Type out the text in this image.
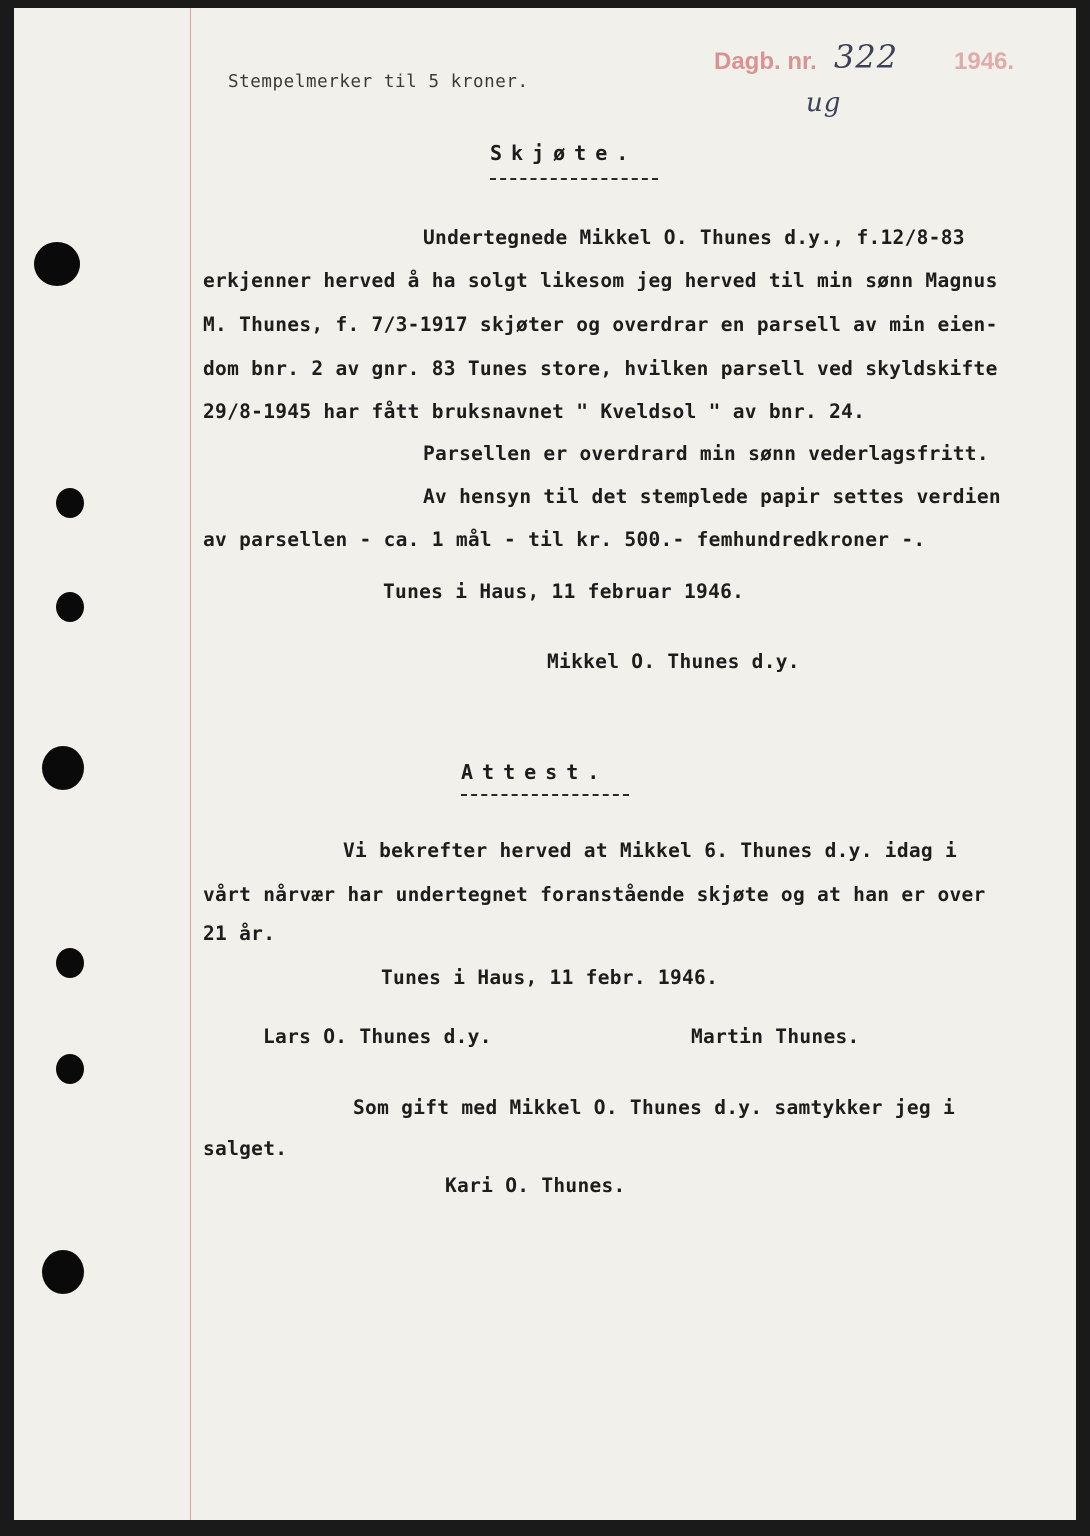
Stempelmerker til 5 kroner.
Dagb. nr. 322 1946.
ug
Skjøte.
Undertegnede Mikkel O. Thunes d.y., f.12/8-83
erkjenner herved å ha solgt likesom jeg herved til min sønn Magnus
M. Thunes, f. 7/3-1917 skjøter og overdrar en parsell av min eien-
dom bnr. 2 av gnr. 83 Tunes store, hvilken parsell ved skyldskifte
29/8-1945 har fått bruksnavnet " Kveldsol " av bnr. 24.
Parsellen er overdrard min sønn vederlagsfritt.
Av hensyn til det stemplede papir settes verdien
av parsellen - ca. 1 mål - til kr. 500.- femhundredkroner -.
Tunes i Haus, 11 februar 1946.
Mikkel O. Thunes d.y.
Attest.
Vi bekrefter herved at Mikkel 6. Thunes d.y. idag i
vårt nårvær har undertegnet foranstående skjøte og at han er over
21 år.
Tunes i Haus, 11 febr. 1946.
Lars O. Thunes d.y.	Martin Thunes.
Som gift med Mikkel O. Thunes d.y. samtykker jeg i
salget.
Kari O. Thunes.
